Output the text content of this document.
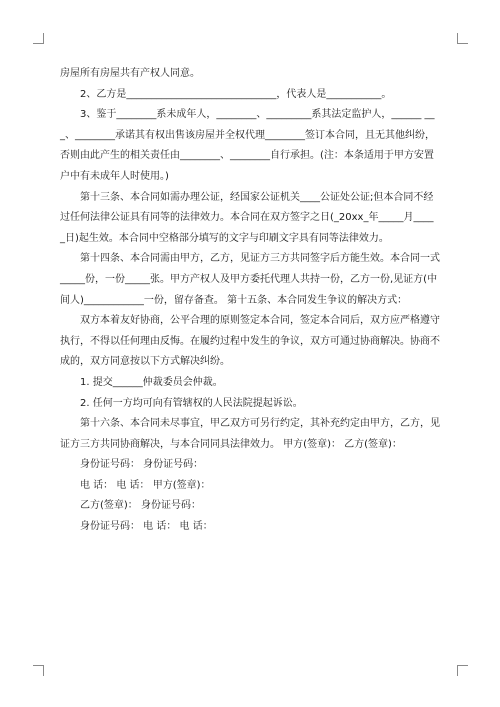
房屋所有房屋共有产权人同意。

2、乙方是______________________________，代表人是___________。

3、鉴于________系未成年人，________、_________系其法定监护人，______ ___、________承诺其有权出售该房屋并全权代理________签订本合同，且无其他纠纷，否则由此产生的相关责任由________、________自行承担。(注：本条适用于甲方安置户中有未成年人时使用。)

第十三条、本合同如需办理公证，经国家公证机关____公证处公证;但本合同不经过任何法律公证具有同等的法律效力。本合同在双方签字之日(_20xx_年_____月____ _日)起生效。本合同中空格部分填写的文字与印刷文字具有同等法律效力。

第十四条、本合同需由甲方，乙方，见证方三方共同签字后方能生效。本合同一式_____份，一份_____张。甲方产权人及甲方委托代理人共持一份，乙方一份,见证方(中间人)____________一份，留存备查。 第十五条、本合同发生争议的解决方式：

双方本着友好协商，公平合理的原则签定本合同，签定本合同后，双方应严格遵守执行，不得以任何理由反悔。在履约过程中发生的争议，双方可通过协商解决。协商不成的，双方同意按以下方式解决纠纷。

1. 提交______仲裁委员会仲裁。

2. 任何一方均可向有管辖权的人民法院提起诉讼。

第十六条、本合同未尽事宜，甲乙双方可另行约定，其补充约定由甲方，乙方，见证方三方共同协商解决，与本合同同具法律效力。 甲方(签章)： 乙方(签章)：

身份证号码： 身份证号码：

电 话： 电 话： 甲方(签章)：

乙方(签章)： 身份证号码：

身份证号码： 电 话： 电 话：
